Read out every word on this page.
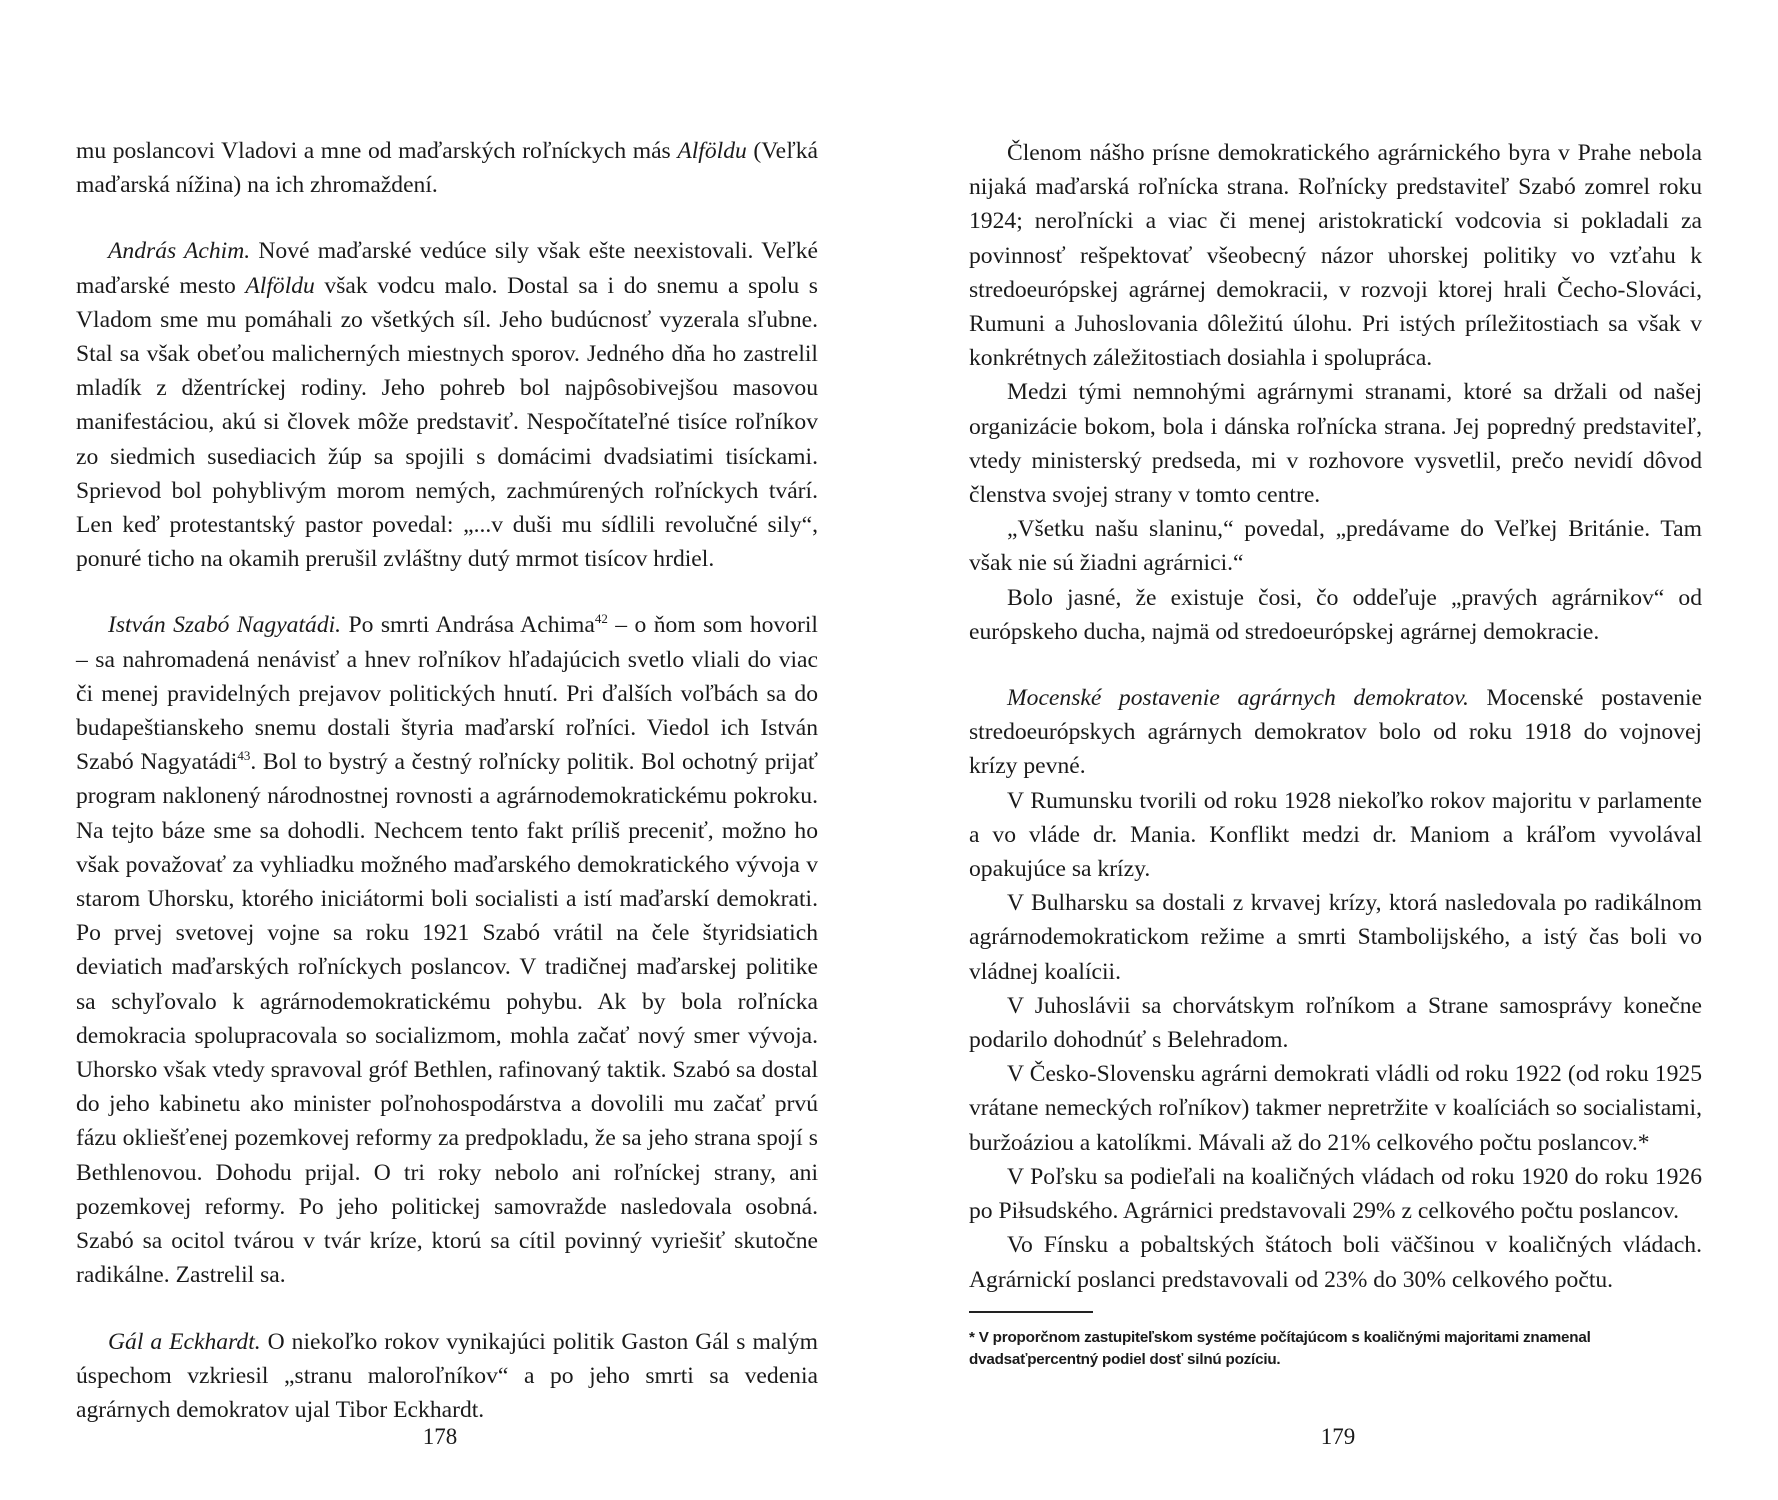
mu poslancovi Vladovi a mne od maďarských roľníckych más Alföldu (Veľká maďarská nížina) na ich zhromaždení.

András Achim. Nové maďarské vedúce sily však ešte neexistovali. Veľké maďarské mesto Alföldu však vodcu malo. Dostal sa i do snemu a spolu s Vladom sme mu pomáhali zo všetkých síl. Jeho budúcnosť vyzerala sľubne. Stal sa však obeťou malicherných miestnych sporov. Jedného dňa ho zastrelil mladík z džentríckej rodiny. Jeho pohreb bol najpôsobivejšou masovou manifestáciou, akú si človek môže predstaviť. Nespočítateľné tisíce roľníkov zo siedmich susediacich žúp sa spojili s domácimi dvadsiatimi tisíckami. Sprievod bol pohyblivým morom nemých, zachmúrených roľníckych tvárí. Len keď protestantský pastor povedal: „...v duši mu sídlili revolučné sily“, ponuré ticho na okamih prerušil zvláštny dutý mrmot tisícov hrdiel.

István Szabó Nagyatádi. Po smrti Andrása Achima$^{42}$ – o ňom som hovoril – sa nahromadená nenávisť a hnev roľníkov hľadajúcich svetlo vliali do viac či menej pravidelných prejavov politických hnutí. Pri ďalších voľbách sa do budapeštianskeho snemu dostali štyria maďarskí roľníci. Viedol ich István Szabó Nagyatádi$^{43}$. Bol to bystrý a čestný roľnícky politik. Bol ochotný prijať program naklonený národnostnej rovnosti a agrárnodemokratickému pokroku. Na tejto báze sme sa dohodli. Nechcem tento fakt príliš preceniť, možno ho však považovať za vyhliadku možného maďarského demokratického vývoja v starom Uhorsku, ktorého iniciátormi boli socialisti a istí maďarskí demokrati. Po prvej svetovej vojne sa roku 1921 Szabó vrátil na čele štyridsiatich deviatich maďarských roľníckych poslancov. V tradičnej maďarskej politike sa schyľovalo k agrárnodemokratickému pohybu. Ak by bola roľnícka demokracia spolupracovala so socializmom, mohla začať nový smer vývoja. Uhorsko však vtedy spravoval gróf Bethlen, rafinovaný taktik. Szabó sa dostal do jeho kabinetu ako minister poľnohospodárstva a dovolili mu začať prvú fázu okliešťenej pozemkovej reformy za predpokladu, že sa jeho strana spojí s Bethlenovou. Dohodu prijal. O tri roky nebolo ani roľníckej strany, ani pozemkovej reformy. Po jeho politickej samovražde nasledovala osobná. Szabó sa ocitol tvárou v tvár kríze, ktorú sa cítil povinný vyriešiť skutočne radikálne. Zastrelil sa.

Gál a Eckhardt. O niekoľko rokov vynikajúci politik Gaston Gál s malým úspechom vzkriesil „stranu maloroľníkov“ a po jeho smrti sa vedenia agrárnych demokratov ujal Tibor Eckhardt.

178

Členom nášho prísne demokratického agrárnického byra v Prahe nebola nijaká maďarská roľnícka strana. Roľnícky predstaviteľ Szabó zomrel roku 1924; neroľnícki a viac či menej aristokratickí vodcovia si pokladali za povinnosť rešpektovať všeobecný názor uhorskej politiky vo vzťahu k stredoeurópskej agrárnej demokracii, v rozvoji ktorej hrali Čecho-Slováci, Rumuni a Juhoslovania dôležitú úlohu. Pri istých príležitostiach sa však v konkrétnych záležitostiach dosiahla i spolupráca.

Medzi tými nemnohými agrárnymi stranami, ktoré sa držali od našej organizácie bokom, bola i dánska roľnícka strana. Jej popredný predstaviteľ, vtedy ministerský predseda, mi v rozhovore vysvetlil, prečo nevidí dôvod členstva svojej strany v tomto centre.

„Všetku našu slaninu,“ povedal, „predávame do Veľkej Británie. Tam však nie sú žiadni agrárnici.“

Bolo jasné, že existuje čosi, čo oddeľuje „pravých agrárnikov“ od európskeho ducha, najmä od stredoeurópskej agrárnej demokracie.

Mocenské postavenie agrárnych demokratov. Mocenské postavenie stredoeurópskych agrárnych demokratov bolo od roku 1918 do vojnovej krízy pevné.

V Rumunsku tvorili od roku 1928 niekoľko rokov majoritu v parlamente a vo vláde dr. Mania. Konflikt medzi dr. Maniom a kráľom vyvolával opakujúce sa krízy.

V Bulharsku sa dostali z krvavej krízy, ktorá nasledovala po radikálnom agrárnodemokratickom režime a smrti Stambolijského, a istý čas boli vo vládnej koalícii.

V Juhoslávii sa chorvátskym roľníkom a Strane samosprávy konečne podarilo dohodnúť s Belehradom.

V Česko-Slovensku agrárni demokrati vládli od roku 1922 (od roku 1925 vrátane nemeckých roľníkov) takmer nepretržite v koalíciách so socialistami, buržoáziou a katolíkmi. Mávali až do 21% celkového počtu poslancov.*

V Poľsku sa podieľali na koaličných vládach od roku 1920 do roku 1926 po Piłsudského. Agrárnici predstavovali 29% z celkového počtu poslancov.

Vo Fínsku a pobaltských štátoch boli väčšinou v koaličných vládach. Agrárnickí poslanci predstavovali od 23% do 30% celkového počtu.

* V proporčnom zastupiteľskom systéme počítajúcom s koaličnými majoritami znamenal dvadsaťpercentný podiel dosť silnú pozíciu.
179
